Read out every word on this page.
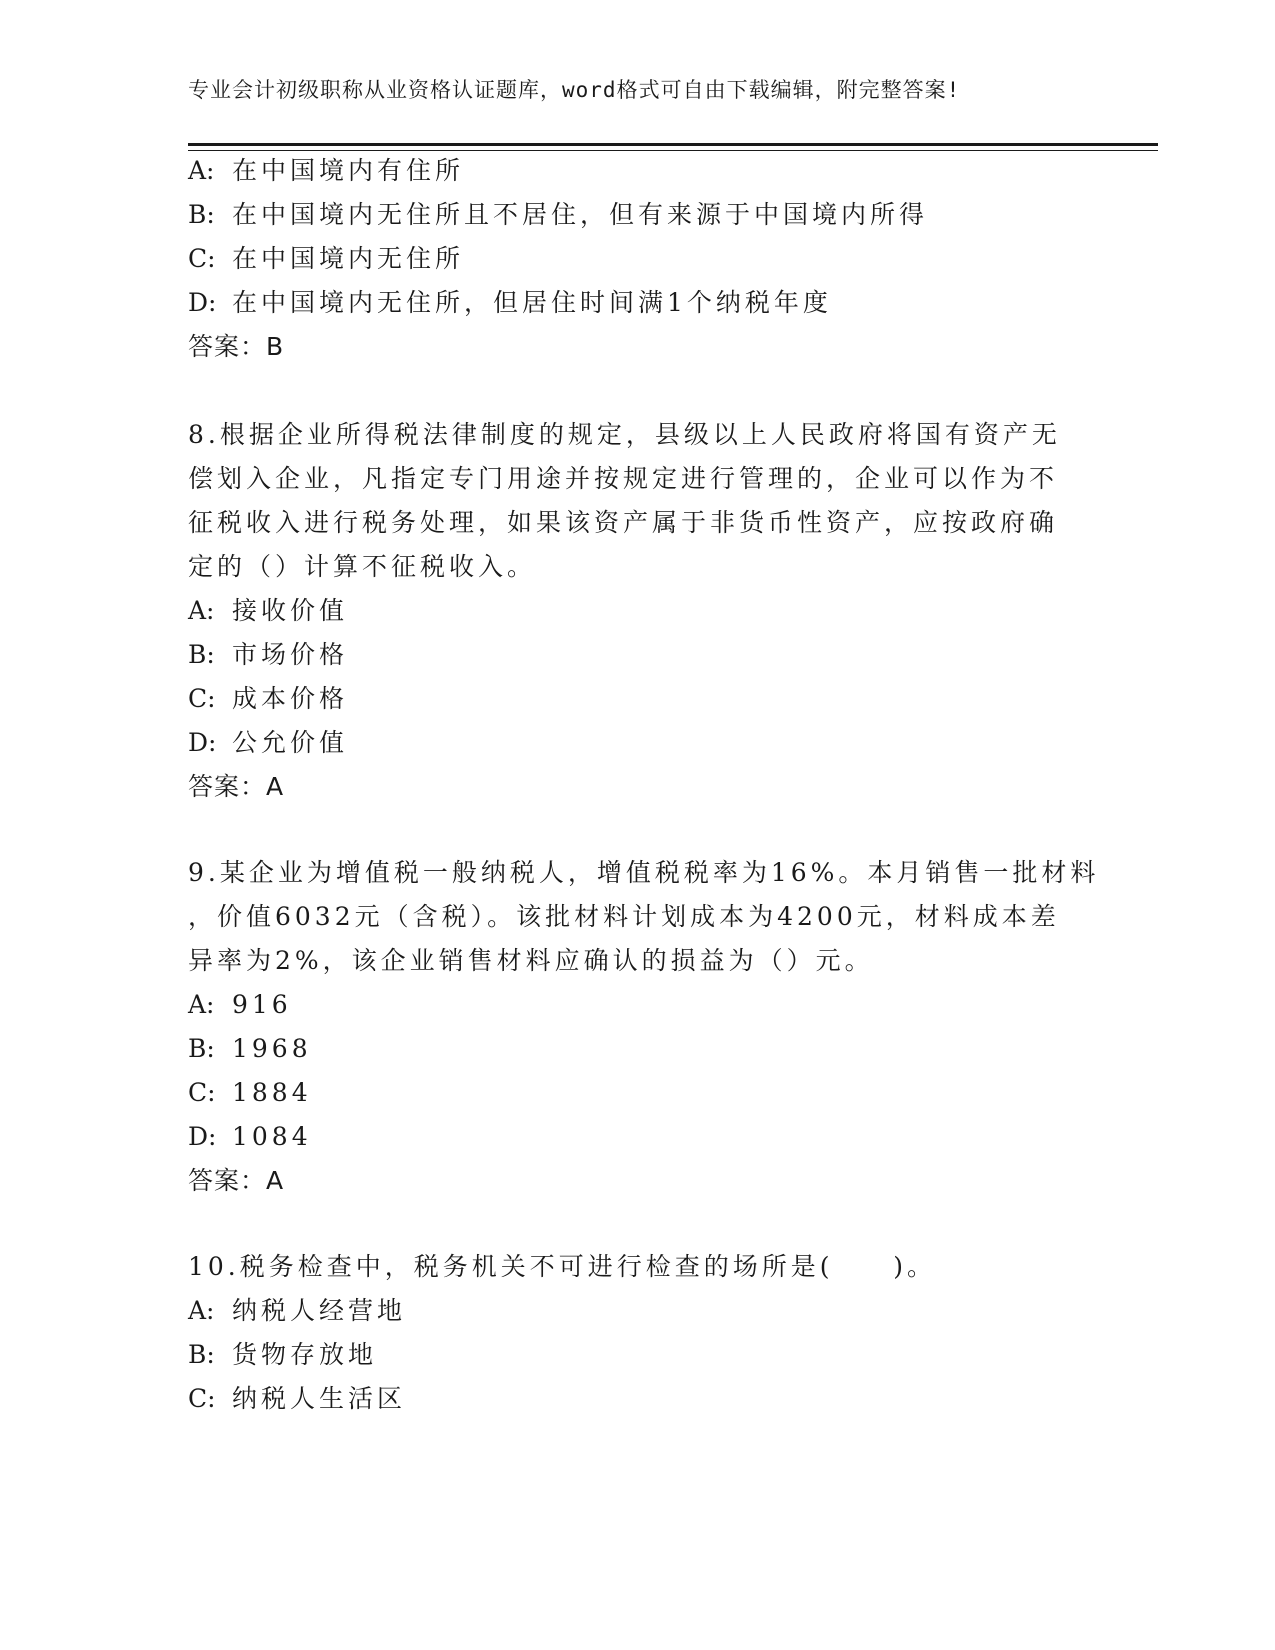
专业会计初级职称从业资格认证题库，word格式可自由下载编辑，附完整答案!
A: 在中国境内有住所
B: 在中国境内无住所且不居住，但有来源于中国境内所得
C: 在中国境内无住所
D: 在中国境内无住所，但居住时间满1个纳税年度
答案：B
8.根据企业所得税法律制度的规定，县级以上人民政府将国有资产无
偿划入企业，凡指定专门用途并按规定进行管理的，企业可以作为不
征税收入进行税务处理，如果该资产属于非货币性资产，应按政府确
定的（）计算不征税收入。
A: 接收价值
B: 市场价格
C: 成本价格
D: 公允价值
答案：A
9.某企业为增值税一般纳税人，增值税税率为16%。本月销售一批材料
，价值6032元（含税）。该批材料计划成本为4200元，材料成本差
异率为2%，该企业销售材料应确认的损益为（）元。
A: 916
B: 1968
C: 1884
D: 1084
答案：A
10.税务检查中，税务机关不可进行检查的场所是(     )。
A: 纳税人经营地
B: 货物存放地
C: 纳税人生活区
